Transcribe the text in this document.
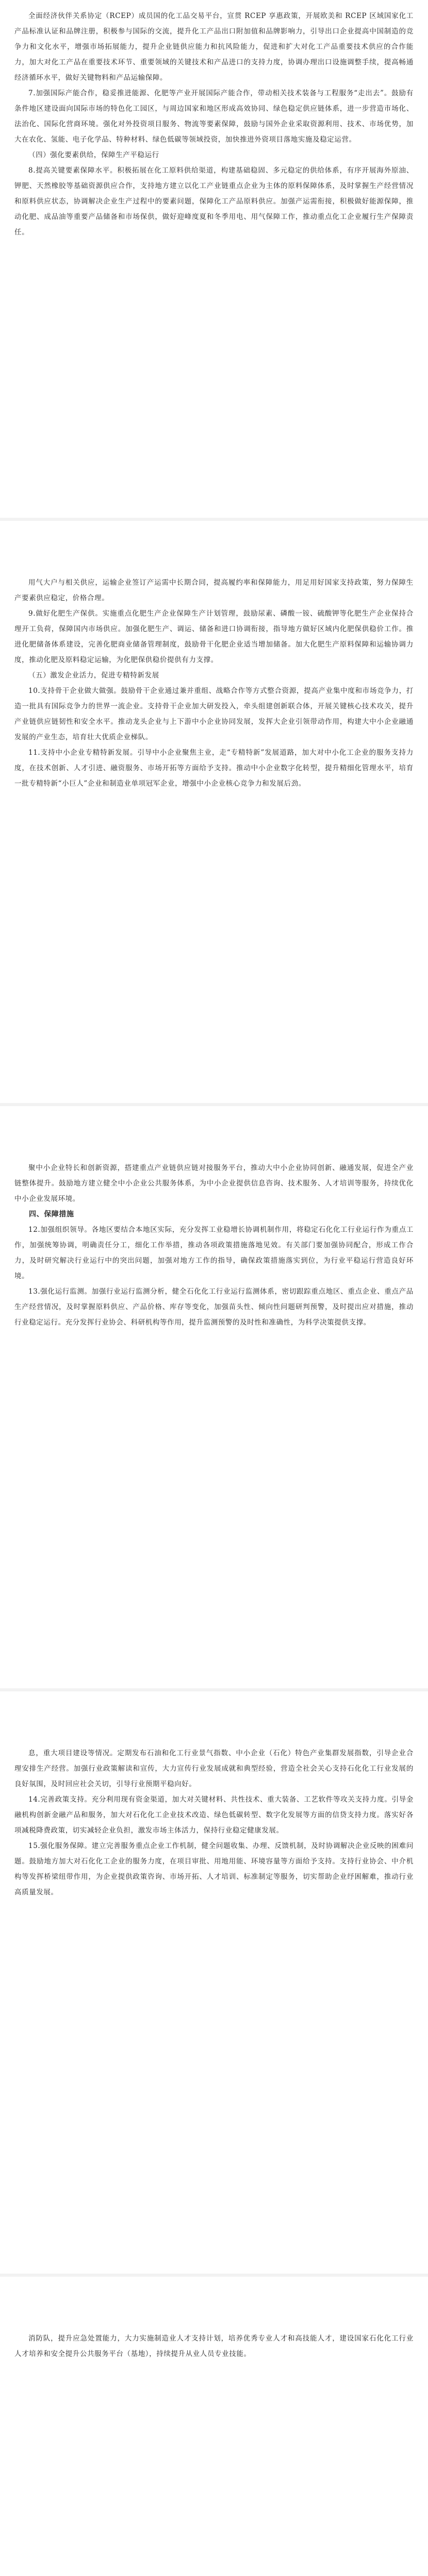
全面经济伙伴关系协定（RCEP）成员国的化工品交易平台，宣贯 RCEP 享惠政策，开展欧美和 RCEP 区域国家化工产品标准认证和品牌注册，积极参与国际的交流，提升化工产品出口附加值和品牌影响力，引导出口企业提高中国制造的竞争力和文化水平，增强市场拓展能力，提升企业链供应能力和抗风险能力，促进和扩大对化工产品重要技术供应的合作能力，加大对化工产品在重要技术环节、重要领域的关键技术和产品进口的支持力度，协调办理出口设施调整手续，提高畅通经济循环水平，做好关键物料和产品运输保障。

7.加强国际产能合作，稳妥推进能源、化肥等产业开展国际产能合作，带动相关技术装备与工程服务“走出去”。鼓励有条件地区建设面向国际市场的特色化工园区，与周边国家和地区形成高效协同、绿色稳定供应链体系，进一步营造市场化、法治化、国际化营商环境。强化对外投资项目服务、物流等要素保障，鼓励与国外企业采取资源利用、技术、市场优势，加大在农化、氢能、电子化学品、特种材料、绿色低碳等领域投资，加快推进外资项目落地实施及稳定运营。

（四）强化要素供给，保障生产平稳运行

8.提高关键要素保障水平。积极拓展在化工原料供给渠道，构建基础稳固、多元稳定的供给体系，有序开展海外原油、钾肥、天然橡胶等基础资源供应合作，支持地方建立以化工产业链重点企业为主体的原料保障体系，及时掌握生产经营情况和原料供应状态，协调解决企业生产过程中的要素问题，保障化工产品原料供应。加强产运需衔接，积极做好能源保障，推动化肥、成品油等重要产品储备和市场保供，做好迎峰度夏和冬季用电、用气保障工作，推动重点化工企业履行生产保障责任。

用气大户与相关供应，运输企业签订产运需中长期合同，提高履约率和保障能力，用足用好国家支持政策，努力保障生产要素供应稳定，价格合理。

9.做好化肥生产保供。实施重点化肥生产企业保障生产计划管理，鼓励尿素、磷酸一铵、硫酸钾等化肥生产企业保持合理开工负荷，保障国内市场供应。加强化肥生产、调运、储备和进口协调衔接，指导地方做好区域内化肥保供稳价工作。推进化肥储备体系建设，完善化肥商业储备管理制度，鼓励骨干化肥企业适当增加储备。加大化肥生产原料保障和运输协调力度，推动化肥及原料稳定运输，为化肥保供稳价提供有力支撑。

（五）激发企业活力，促进专精特新发展

10.支持骨干企业做大做强。鼓励骨干企业通过兼并重组、战略合作等方式整合资源，提高产业集中度和市场竞争力，打造一批具有国际竞争力的世界一流企业。支持骨干企业加大研发投入，牵头组建创新联合体，开展关键核心技术攻关，提升产业链供应链韧性和安全水平。推动龙头企业与上下游中小企业协同发展，发挥大企业引领带动作用，构建大中小企业融通发展的产业生态，培育壮大优质企业梯队。

11.支持中小企业专精特新发展。引导中小企业聚焦主业，走“专精特新”发展道路，加大对中小化工企业的服务支持力度，在技术创新、人才引进、融资服务、市场开拓等方面给予支持。推动中小企业数字化转型，提升精细化管理水平，培育一批专精特新“小巨人”企业和制造业单项冠军企业，增强中小企业核心竞争力和发展后劲。

聚中小企业特长和创新资源，搭建重点产业链供应链对接服务平台，推动大中小企业协同创新、融通发展，促进全产业链整体提升。鼓励地方建立健全中小企业公共服务体系，为中小企业提供信息咨询、技术服务、人才培训等服务，持续优化中小企业发展环境。

四、保障措施

12.加强组织领导。各地区要结合本地区实际，充分发挥工业稳增长协调机制作用，将稳定石化化工行业运行作为重点工作，加强统筹协调，明确责任分工，细化工作举措，推动各项政策措施落地见效。有关部门要加强协同配合，形成工作合力，及时研究解决行业运行中的突出问题，加强对地方工作的指导，确保政策措施落实到位，为行业平稳运行营造良好环境。

13.强化运行监测。加强行业运行监测分析，健全石化化工行业运行监测体系，密切跟踪重点地区、重点企业、重点产品生产经营情况，及时掌握原料供应、产品价格、库存等变化，加强苗头性、倾向性问题研判预警，及时提出应对措施，推动行业稳定运行。充分发挥行业协会、科研机构等作用，提升监测预警的及时性和准确性，为科学决策提供支撑。

息，重大项目建设等情况。定期发布石油和化工行业景气指数、中小企业（石化）特色产业集群发展指数，引导企业合理安排生产经营。加强行业政策解读和宣传，大力宣传行业发展成就和典型经验，营造全社会关心支持石化化工行业发展的良好氛围，及时回应社会关切，引导行业预期平稳向好。

14.完善政策支持。充分利用现有资金渠道，加大对关键材料、共性技术、重大装备、工艺软件等攻关支持力度。引导金融机构创新金融产品和服务，加大对石化化工企业技术改造、绿色低碳转型、数字化发展等方面的信贷支持力度。落实好各项减税降费政策，切实减轻企业负担，激发市场主体活力，保持行业稳定健康发展。

15.强化服务保障。建立完善服务重点企业工作机制，健全问题收集、办理、反馈机制，及时协调解决企业反映的困难问题。鼓励地方加大对石化化工企业的服务力度，在项目审批、用地用能、环境容量等方面给予支持。支持行业协会、中介机构等发挥桥梁纽带作用，为企业提供政策咨询、市场开拓、人才培训、标准制定等服务，切实帮助企业纾困解难，推动行业高质量发展。

消防队，提升应急处置能力，大力实施制造业人才支持计划，培养优秀专业人才和高技能人才，建设国家石化化工行业人才培养和安全提升公共服务平台（基地），持续提升从业人员专业技能。
